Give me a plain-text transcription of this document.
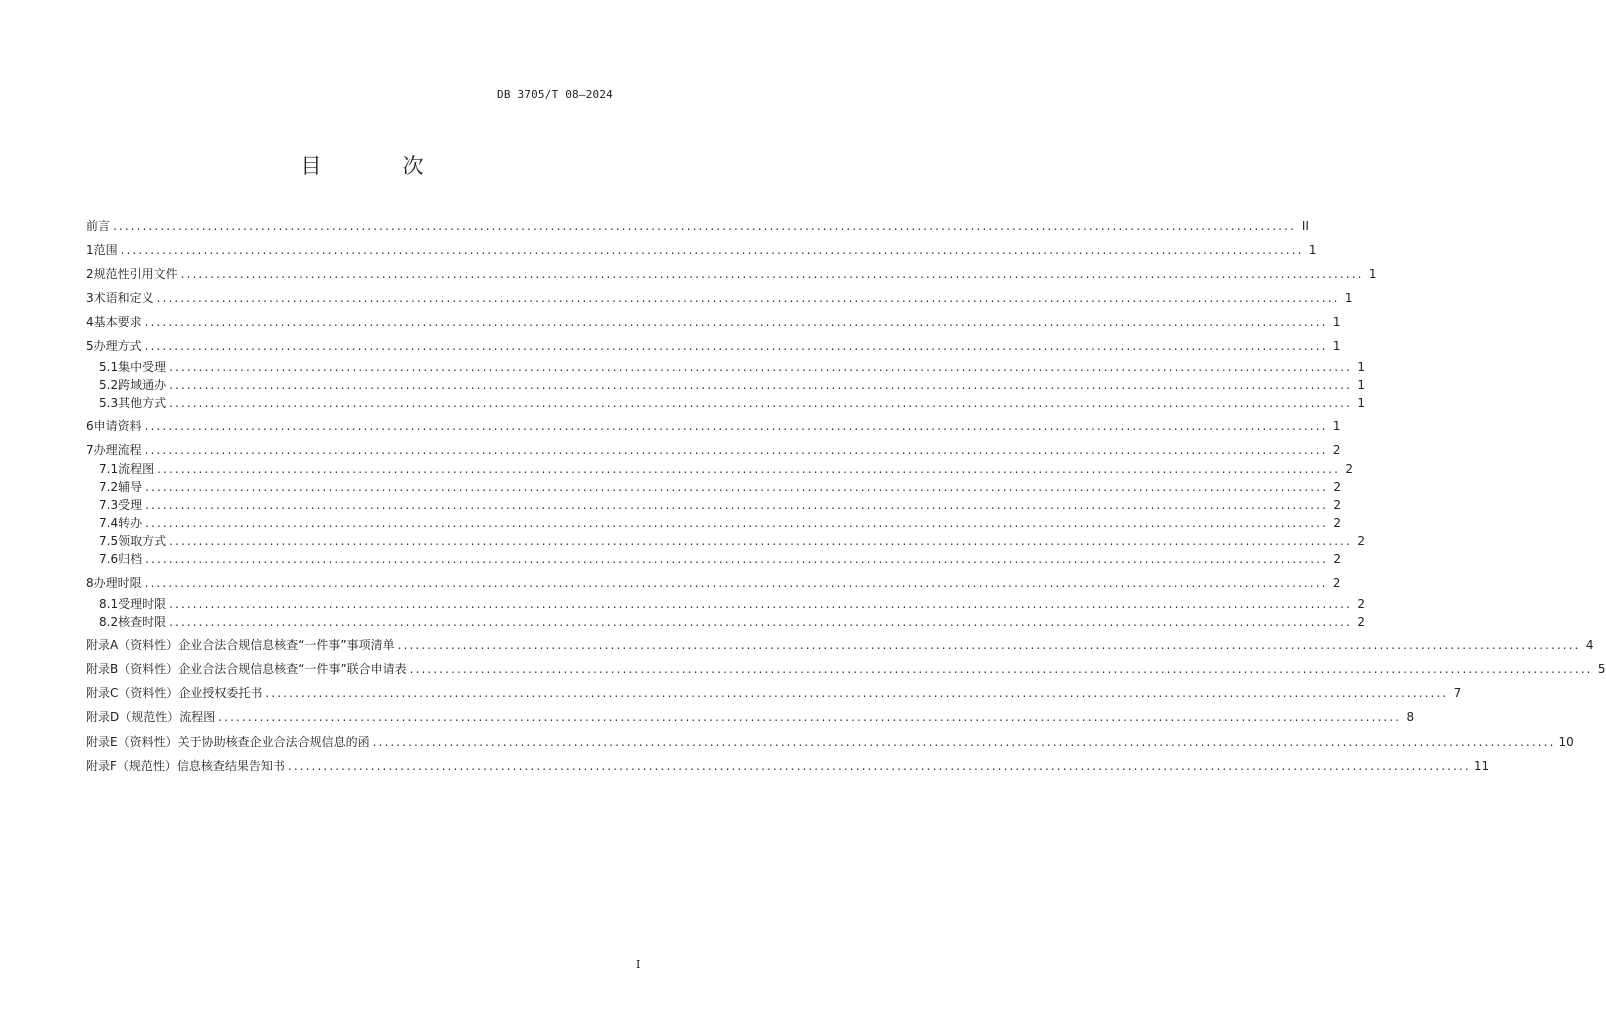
DB 3705/T 08—2024
目　次
前言 ........................................................................................................................................................................................................ II
1 范围 ........................................................................................................................................................................................................ 1
2 规范性引用文件 ........................................................................................................................................................................................................ 1
3 术语和定义 ........................................................................................................................................................................................................ 1
4 基本要求 ........................................................................................................................................................................................................ 1
5 办理方式 ........................................................................................................................................................................................................ 1
5.1 集中受理 ........................................................................................................................................................................................................ 1
5.2 跨域通办 ........................................................................................................................................................................................................ 1
5.3 其他方式 ........................................................................................................................................................................................................ 1
6 申请资料 ........................................................................................................................................................................................................ 1
7 办理流程 ........................................................................................................................................................................................................ 2
7.1 流程图 ........................................................................................................................................................................................................ 2
7.2 辅导 ........................................................................................................................................................................................................ 2
7.3 受理 ........................................................................................................................................................................................................ 2
7.4 转办 ........................................................................................................................................................................................................ 2
7.5 领取方式 ........................................................................................................................................................................................................ 2
7.6 归档 ........................................................................................................................................................................................................ 2
8 办理时限 ........................................................................................................................................................................................................ 2
8.1 受理时限 ........................................................................................................................................................................................................ 2
8.2 核查时限 ........................................................................................................................................................................................................ 2
附录A（资料性） 企业合法合规信息核查“一件事”事项清单 ........................................................................................................................................................................................................ 4
附录B（资料性） 企业合法合规信息核查“一件事”联合申请表 ........................................................................................................................................................................................................ 5
附录C（资料性） 企业授权委托书 ........................................................................................................................................................................................................ 7
附录D（规范性） 流程图 ........................................................................................................................................................................................................ 8
附录E（资料性） 关于协助核查企业合法合规信息的函 ........................................................................................................................................................................................................ 10
附录F（规范性） 信息核查结果告知书 ........................................................................................................................................................................................................ 11
I
